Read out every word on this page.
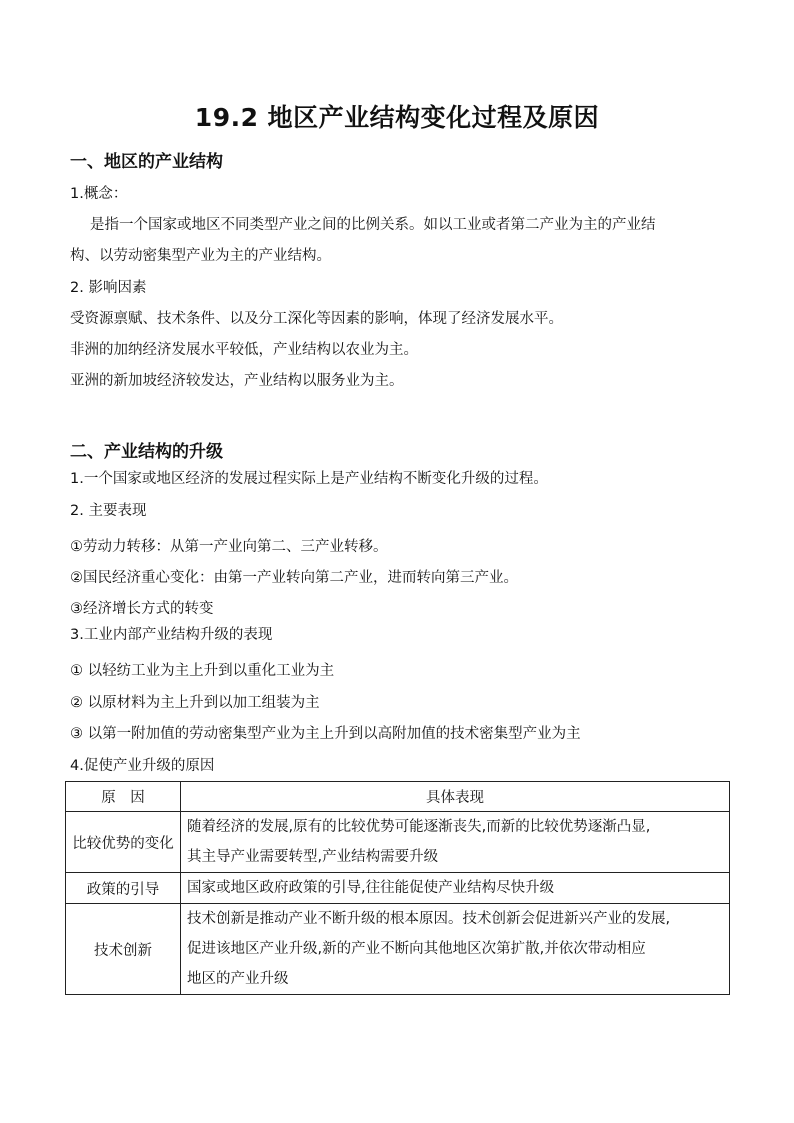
19.2 地区产业结构变化过程及原因
一、地区的产业结构
1.概念：
是指一个国家或地区不同类型产业之间的比例关系。如以工业或者第二产业为主的产业结
构、以劳动密集型产业为主的产业结构。
2. 影响因素
受资源禀赋、技术条件、以及分工深化等因素的影响，体现了经济发展水平。
非洲的加纳经济发展水平较低，产业结构以农业为主。
亚洲的新加坡经济较发达，产业结构以服务业为主。
二、产业结构的升级
1.一个国家或地区经济的发展过程实际上是产业结构不断变化升级的过程。
2. 主要表现
①劳动力转移：从第一产业向第二、三产业转移。
②国民经济重心变化：由第一产业转向第二产业，进而转向第三产业。
③经济增长方式的转变
3.工业内部产业结构升级的表现
① 以轻纺工业为主上升到以重化工业为主
② 以原材料为主上升到以加工组装为主
③ 以第一附加值的劳动密集型产业为主上升到以高附加值的技术密集型产业为主
4.促使产业升级的原因
原　因	具体表现
比较优势的变化	随着经济的发展,原有的比较优势可能逐渐丧失,而新的比较优势逐渐凸显,
其主导产业需要转型,产业结构需要升级

政策的引导	国家或地区政府政策的引导,往往能促使产业结构尽快升级

技术创新	技术创新是推动产业不断升级的根本原因。技术创新会促进新兴产业的发展,
促进该地区产业升级,新的产业不断向其他地区次第扩散,并依次带动相应
地区的产业升级
